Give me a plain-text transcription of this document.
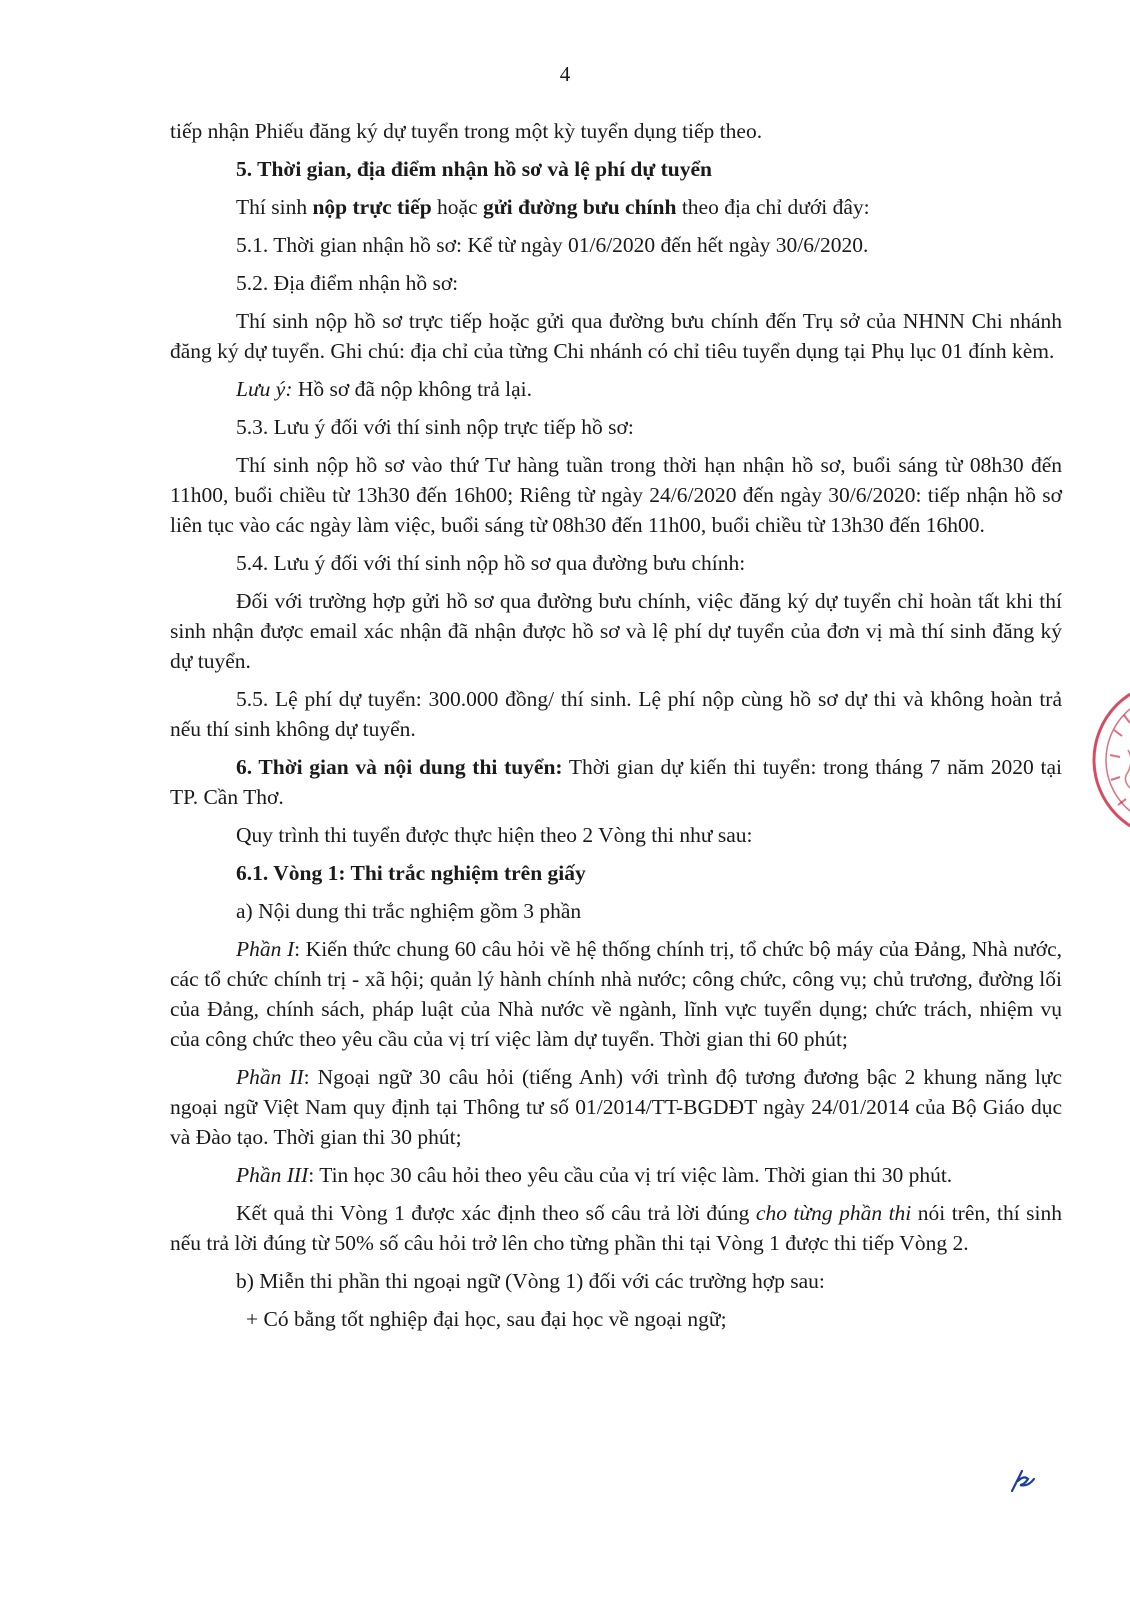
4

tiếp nhận Phiếu đăng ký dự tuyển trong một kỳ tuyển dụng tiếp theo.

5. Thời gian, địa điểm nhận hồ sơ và lệ phí dự tuyển

Thí sinh nộp trực tiếp hoặc gửi đường bưu chính theo địa chỉ dưới đây:

5.1. Thời gian nhận hồ sơ: Kể từ ngày 01/6/2020 đến hết ngày 30/6/2020.

5.2. Địa điểm nhận hồ sơ:

Thí sinh nộp hồ sơ trực tiếp hoặc gửi qua đường bưu chính đến Trụ sở của NHNN Chi nhánh đăng ký dự tuyển. Ghi chú: địa chỉ của từng Chi nhánh có chỉ tiêu tuyển dụng tại Phụ lục 01 đính kèm.

Lưu ý: Hồ sơ đã nộp không trả lại.

5.3. Lưu ý đối với thí sinh nộp trực tiếp hồ sơ:

Thí sinh nộp hồ sơ vào thứ Tư hàng tuần trong thời hạn nhận hồ sơ, buổi sáng từ 08h30 đến 11h00, buổi chiều từ 13h30 đến 16h00; Riêng từ ngày 24/6/2020 đến ngày 30/6/2020: tiếp nhận hồ sơ liên tục vào các ngày làm việc, buổi sáng từ 08h30 đến 11h00, buổi chiều từ 13h30 đến 16h00.

5.4. Lưu ý đối với thí sinh nộp hồ sơ qua đường bưu chính:

Đối với trường hợp gửi hồ sơ qua đường bưu chính, việc đăng ký dự tuyển chỉ hoàn tất khi thí sinh nhận được email xác nhận đã nhận được hồ sơ và lệ phí dự tuyển của đơn vị mà thí sinh đăng ký dự tuyển.

5.5. Lệ phí dự tuyển: 300.000 đồng/ thí sinh. Lệ phí nộp cùng hồ sơ dự thi và không hoàn trả nếu thí sinh không dự tuyển.

6. Thời gian và nội dung thi tuyển: Thời gian dự kiến thi tuyển: trong tháng 7 năm 2020 tại TP. Cần Thơ.

Quy trình thi tuyển được thực hiện theo 2 Vòng thi như sau:

6.1. Vòng 1: Thi trắc nghiệm trên giấy

a) Nội dung thi trắc nghiệm gồm 3 phần

Phần I: Kiến thức chung 60 câu hỏi về hệ thống chính trị, tổ chức bộ máy của Đảng, Nhà nước, các tổ chức chính trị - xã hội; quản lý hành chính nhà nước; công chức, công vụ; chủ trương, đường lối của Đảng, chính sách, pháp luật của Nhà nước về ngành, lĩnh vực tuyển dụng; chức trách, nhiệm vụ của công chức theo yêu cầu của vị trí việc làm dự tuyển. Thời gian thi 60 phút;

Phần II: Ngoại ngữ 30 câu hỏi (tiếng Anh) với trình độ tương đương bậc 2 khung năng lực ngoại ngữ Việt Nam quy định tại Thông tư số 01/2014/TT-BGDĐT ngày 24/01/2014 của Bộ Giáo dục và Đào tạo. Thời gian thi 30 phút;

Phần III: Tin học 30 câu hỏi theo yêu cầu của vị trí việc làm. Thời gian thi 30 phút.

Kết quả thi Vòng 1 được xác định theo số câu trả lời đúng cho từng phần thi nói trên, thí sinh nếu trả lời đúng từ 50% số câu hỏi trở lên cho từng phần thi tại Vòng 1 được thi tiếp Vòng 2.

b) Miễn thi phần thi ngoại ngữ (Vòng 1) đối với các trường hợp sau:

+ Có bằng tốt nghiệp đại học, sau đại học về ngoại ngữ;
